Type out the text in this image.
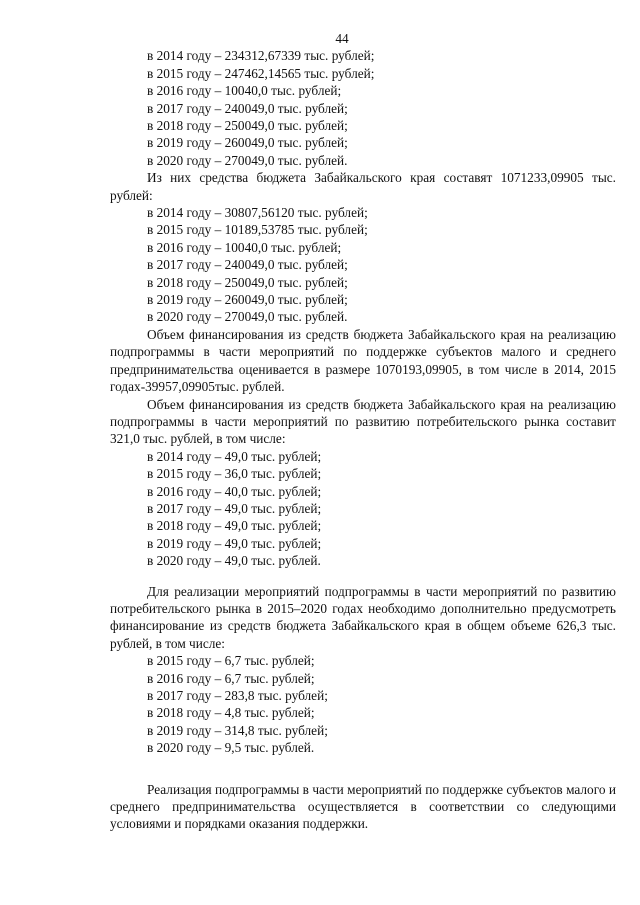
44
в 2014 году – 234312,67339 тыс. рублей;
в 2015 году – 247462,14565 тыс. рублей;
в 2016 году – 10040,0 тыс. рублей;
в 2017 году – 240049,0 тыс. рублей;
в 2018 году – 250049,0 тыс. рублей;
в 2019 году – 260049,0 тыс. рублей;
в 2020 году – 270049,0 тыс. рублей.

Из них средства бюджета Забайкальского края составят 1071233,09905 тыс. рублей:

в 2014 году – 30807,56120 тыс. рублей;
в 2015 году – 10189,53785 тыс. рублей;
в 2016 году – 10040,0 тыс. рублей;
в 2017 году – 240049,0 тыс. рублей;
в 2018 году – 250049,0 тыс. рублей;
в 2019 году – 260049,0 тыс. рублей;
в 2020 году – 270049,0 тыс. рублей.

Объем финансирования из средств бюджета Забайкальского края на реализацию подпрограммы в части мероприятий по поддержке субъектов малого и среднего предпринимательства оценивается в размере 1070193,09905, в том числе в 2014, 2015 годах-39957,09905тыс. рублей.

Объем финансирования из средств бюджета Забайкальского края на реализацию подпрограммы в части мероприятий по развитию потребительского рынка составит 321,0 тыс. рублей, в том числе:

в 2014 году – 49,0 тыс. рублей;
в 2015 году – 36,0 тыс. рублей;
в 2016 году – 40,0 тыс. рублей;
в 2017 году – 49,0 тыс. рублей;
в 2018 году – 49,0 тыс. рублей;
в 2019 году – 49,0 тыс. рублей;
в 2020 году – 49,0 тыс. рублей.

Для реализации мероприятий подпрограммы в части мероприятий по развитию потребительского рынка в 2015–2020 годах необходимо дополнительно предусмотреть финансирование из средств бюджета Забайкальского края в общем объеме 626,3 тыс. рублей, в том числе:

в 2015 году – 6,7 тыс. рублей;
в 2016 году – 6,7 тыс. рублей;
в 2017 году – 283,8 тыс. рублей;
в 2018 году – 4,8 тыс. рублей;
в 2019 году – 314,8 тыс. рублей;
в 2020 году – 9,5 тыс. рублей.

Реализация подпрограммы в части мероприятий по поддержке субъектов малого и среднего предпринимательства осуществляется в соответствии со следующими условиями и порядками оказания поддержки.
